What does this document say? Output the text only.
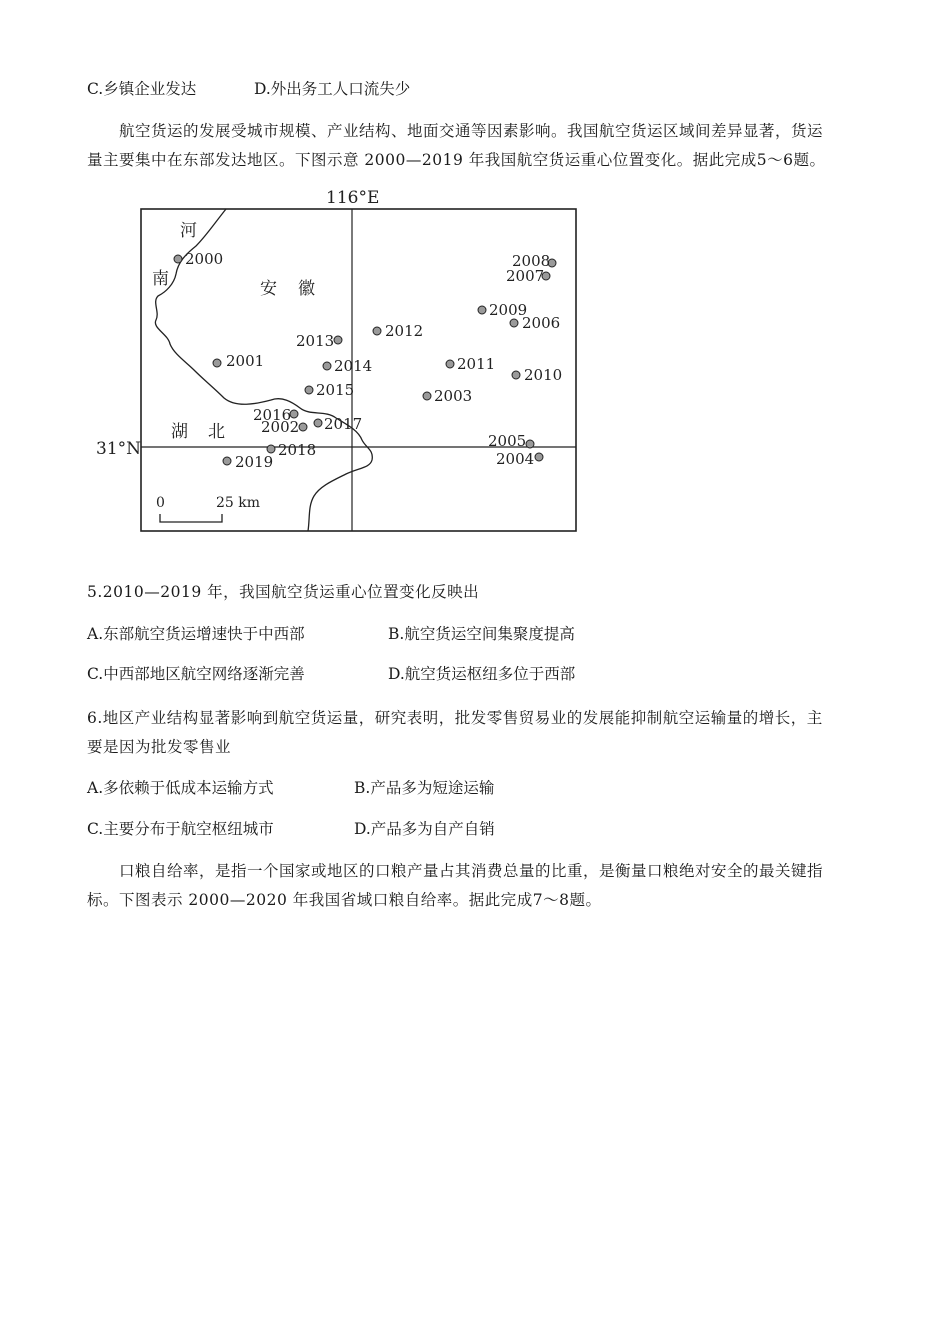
C.乡镇企业发达	D.外出务工人口流失少
航空货运的发展受城市规模、产业结构、地面交通等因素影响。我国航空货运区域间差异显著，货运
量主要集中在东部发达地区。下图示意 2000—2019 年我国航空货运重心位置变化。据此完成5～6题。
116°E
31°N
河
南	安 徽
湖 北
2000
2001
2002
2003
2004
2005
2006
2007
2008
2009
2010
2011
2012
2013
2014
2015
2016 2017
2018
2019
0	25 km
5.2010—2019 年，我国航空货运重心位置变化反映出
A.东部航空货运增速快于中西部	B.航空货运空间集聚度提高
C.中西部地区航空网络逐渐完善	D.航空货运枢纽多位于西部
6.地区产业结构显著影响到航空货运量，研究表明，批发零售贸易业的发展能抑制航空运输量的增长，主
要是因为批发零售业
A.多依赖于低成本运输方式	B.产品多为短途运输
C.主要分布于航空枢纽城市	D.产品多为自产自销
口粮自给率，是指一个国家或地区的口粮产量占其消费总量的比重，是衡量口粮绝对安全的最关键指
标。下图表示 2000—2020 年我国省域口粮自给率。据此完成7～8题。
